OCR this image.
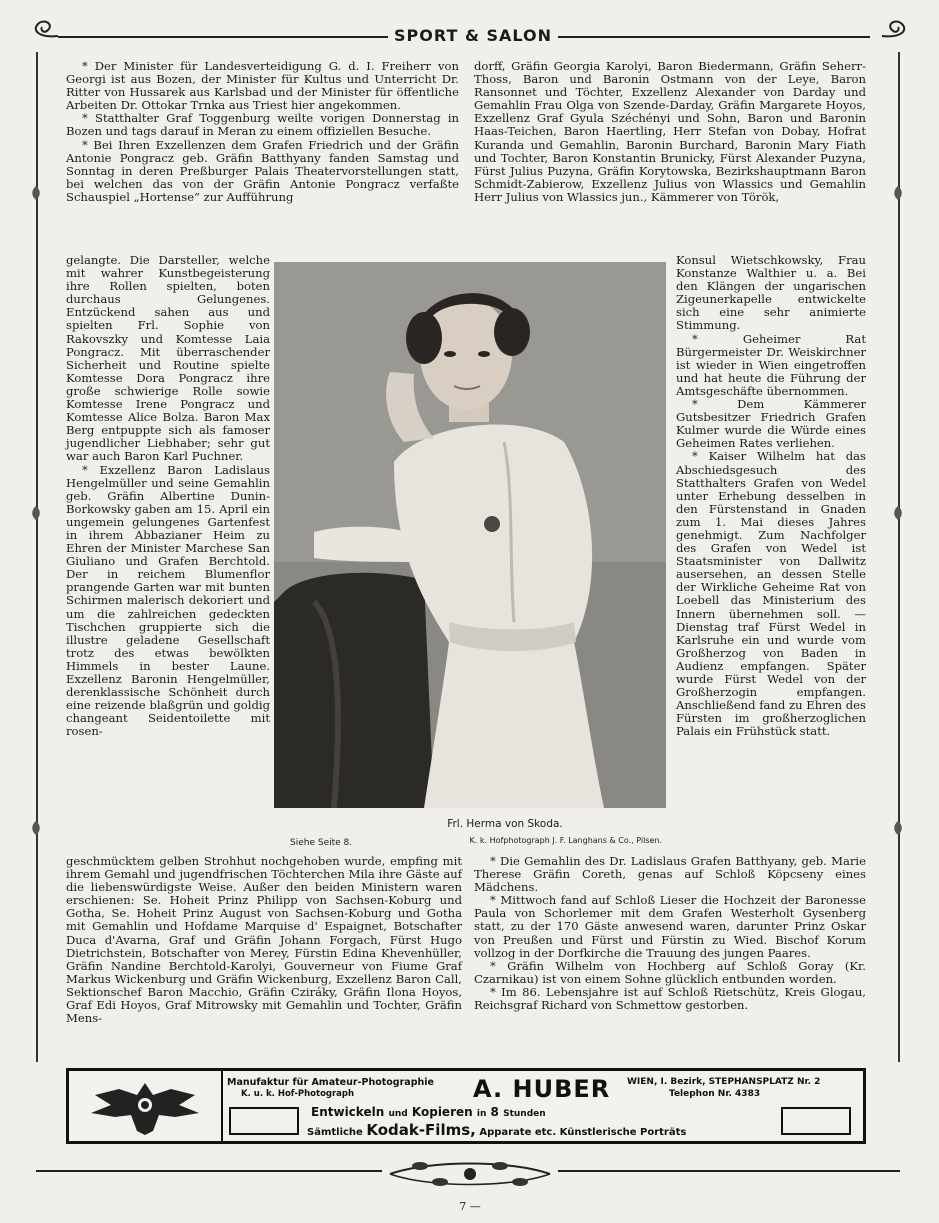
SPORT & SALON

* Der Minister für Landesverteidigung G. d. I. Freiherr von Georgi ist aus Bozen, der Minister für Kultus und Unterricht Dr. Ritter von Hussarek aus Karlsbad und der Minister für öffentliche Arbeiten Dr. Ottokar Trnka aus Triest hier angekommen.

* Statthalter Graf Toggenburg weilte vorigen Donnerstag in Bozen und tags darauf in Meran zu einem offiziellen Besuche.

* Bei Ihren Exzellenzen dem Grafen Friedrich und der Gräfin Antonie Pongracz geb. Gräfin Batthyany fanden Samstag und Sonntag in deren Preßburger Palais Theatervorstellungen statt, bei welchen das von der Gräfin Antonie Pongracz verfaßte Schauspiel „Hortense“ zur Aufführung

dorff, Gräfin Georgia Karolyi, Baron Biedermann, Gräfin Seherr-Thoss, Baron und Baronin Ostmann von der Leye, Baron Ransonnet und Töchter, Exzellenz Alexander von Darday und Gemahlin Frau Olga von Szende-Darday, Gräfin Margarete Hoyos, Exzellenz Graf Gyula Széchényi und Sohn, Baron und Baronin Haas-Teichen, Baron Haertling, Herr Stefan von Dobay, Hofrat Kuranda und Gemahlin, Baronin Burchard, Baronin Mary Fiath und Tochter, Baron Konstantin Brunicky, Fürst Alexander Puzyna, Fürst Julius Puzyna, Gräfin Korytowska, Bezirkshauptmann Baron Schmidt-Zabierow, Exzellenz Julius von Wlassics und Gemahlin Herr Julius von Wlassics jun., Kämmerer von Török,

gelangte. Die Darsteller, welche mit wahrer Kunstbegeisterung ihre Rollen spielten, boten durchaus Gelungenes. Entzückend sahen aus und spielten Frl. Sophie von Rakovszky und Komtesse Laia Pongracz. Mit überraschender Sicherheit und Routine spielte Komtesse Dora Pongracz ihre große schwierige Rolle sowie Komtesse Irene Pongracz und Komtesse Alice Bolza. Baron Max Berg entpuppte sich als famoser jugendlicher Liebhaber; sehr gut war auch Baron Karl Puchner.

* Exzellenz Baron Ladislaus Hengelmüller und seine Gemahlin geb. Gräfin Albertine Dunin-Borkowsky gaben am 15. April ein ungemein gelungenes Gartenfest in ihrem Abbazianer Heim zu Ehren der Minister Marchese San Giuliano und Grafen Berchtold. Der in reichem Blumenflor prangende Garten war mit bunten Schirmen malerisch dekoriert und um die zahlreichen gedeckten Tischchen gruppierte sich die illustre geladene Gesellschaft trotz des etwas bewölkten Himmels in bester Laune. Exzellenz Baronin Hengelmüller, derenklassische Schönheit durch eine reizende blaßgrün und goldig changeant Seidentoilette mit rosen-

Frl. Herma von Skoda.
Siehe Seite 8.	K. k. Hofphotograph J. F. Langhans & Co., Pilsen.

Konsul Wietschkowsky, Frau Konstanze Walthier u. a. Bei den Klängen der ungarischen Zigeunerkapelle entwickelte sich eine sehr animierte Stimmung.

* Geheimer Rat Bürgermeister Dr. Weiskirchner ist wieder in Wien eingetroffen und hat heute die Führung der Amtsgeschäfte übernommen.

* Dem Kämmerer Gutsbesitzer Friedrich Grafen Kulmer wurde die Würde eines Geheimen Rates verliehen.

* Kaiser Wilhelm hat das Abschiedsgesuch des Statthalters Grafen von Wedel unter Erhebung desselben in den Fürstenstand in Gnaden zum 1. Mai dieses Jahres genehmigt. Zum Nachfolger des Grafen von Wedel ist Staatsminister von Dallwitz ausersehen, an dessen Stelle der Wirkliche Geheime Rat von Loebell das Ministerium des Innern übernehmen soll. — Dienstag traf Fürst Wedel in Karlsruhe ein und wurde vom Großherzog von Baden in Audienz empfangen. Später wurde Fürst Wedel von der Großherzogin empfangen. Anschließend fand zu Ehren des Fürsten im großherzoglichen Palais ein Frühstück statt.

geschmücktem gelben Strohhut nochgehoben wurde, empfing mit ihrem Gemahl und jugendfrischen Töchterchen Mila ihre Gäste auf die liebenswürdigste Weise. Außer den beiden Ministern waren erschienen: Se. Hoheit Prinz Philipp von Sachsen-Koburg und Gotha, Se. Hoheit Prinz August von Sachsen-Koburg und Gotha mit Gemahlin und Hofdame Marquise d' Espaignet, Botschafter Duca d'Avarna, Graf und Gräfin Johann Forgach, Fürst Hugo Dietrichstein, Botschafter von Merey, Fürstin Edina Khevenhüller, Gräfin Nandine Berchtold-Karolyi, Gouverneur von Fiume Graf Markus Wickenburg und Gräfin Wickenburg, Exzellenz Baron Call, Sektionschef Baron Macchio, Gräfin Cziráky, Gräfin Ilona Hoyos, Graf Edi Hoyos, Graf Mitrowsky mit Gemahlin und Tochter, Gräfin Mens-

* Die Gemahlin des Dr. Ladislaus Grafen Batthyany, geb. Marie Therese Gräfin Coreth, genas auf Schloß Köpcseny eines Mädchens.

* Mittwoch fand auf Schloß Lieser die Hochzeit der Baronesse Paula von Schorlemer mit dem Grafen Westerholt Gysenberg statt, zu der 170 Gäste anwesend waren, darunter Prinz Oskar von Preußen und Fürst und Fürstin zu Wied. Bischof Korum vollzog in der Dorfkirche die Trauung des jungen Paares.

* Gräfin Wilhelm von Hochberg auf Schloß Goray (Kr. Czarnikau) ist von einem Sohne glücklich entbunden worden.

* Im 86. Lebensjahre ist auf Schloß Rietschütz, Kreis Glogau, Reichsgraf Richard von Schmettow gestorben.

Manufaktur für Amateur-Photographie
K. u. k. Hof-Photograph	A. HUBER WIEN, I. Bezirk, STEPHANSPLATZ Nr. 2
Telephon Nr. 4383
Entwickeln und Kopieren in 8 Stunden
Sämtliche Kodak-Films, Apparate etc. Künstlerische Porträts
7 —
